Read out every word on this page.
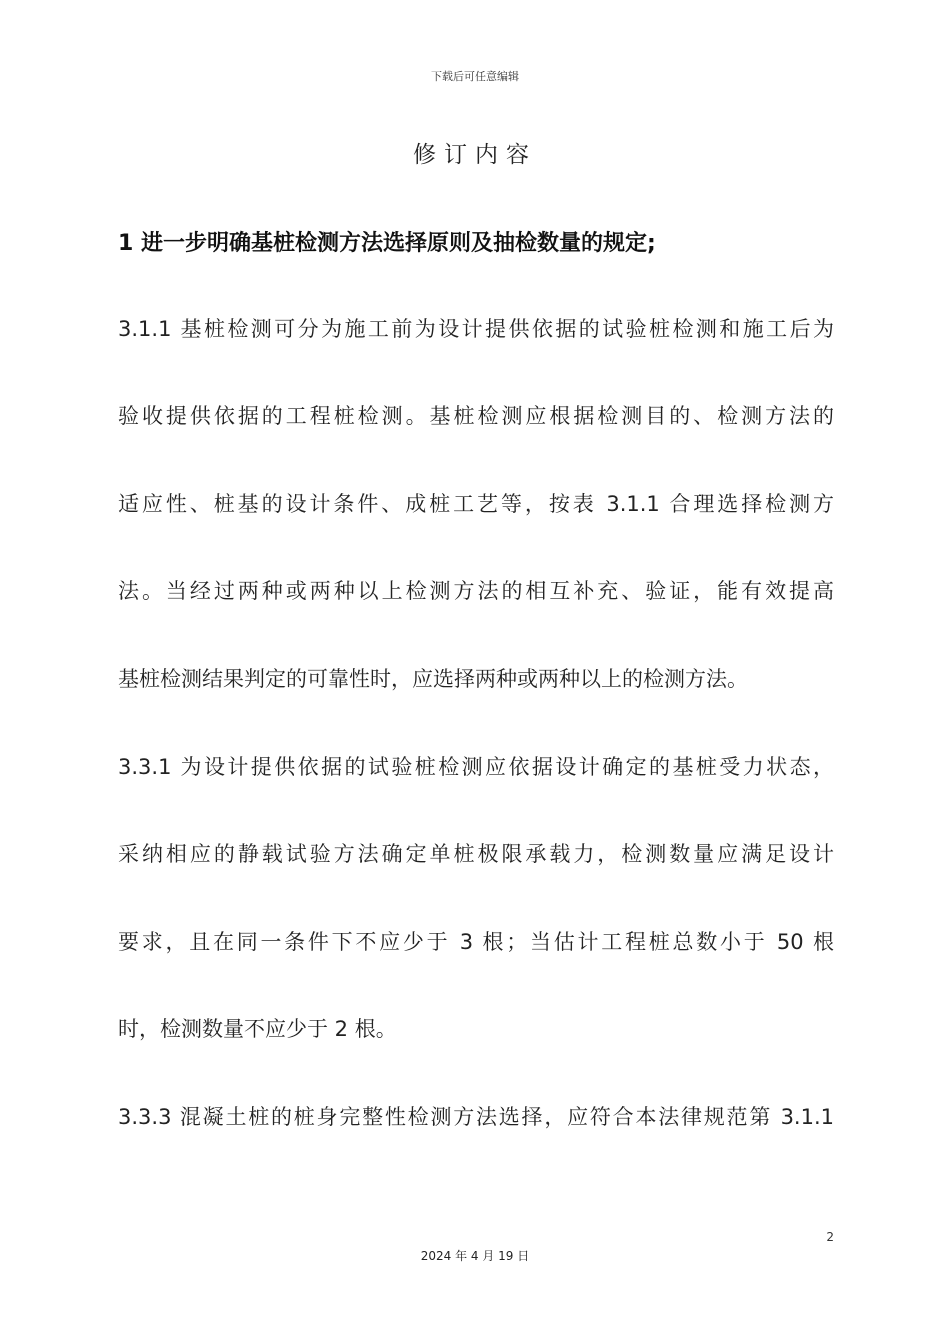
下载后可任意编辑
修订内容
1 进一步明确基桩检测方法选择原则及抽检数量的规定;
3.1.1 基桩检测可分为施工前为设计提供依据的试验桩检测和施工后为
验收提供依据的工程桩检测。基桩检测应根据检测目的、检测方法的
适应性、桩基的设计条件、成桩工艺等，按表 3.1.1 合理选择检测方
法。当经过两种或两种以上检测方法的相互补充、验证，能有效提高
基桩检测结果判定的可靠性时，应选择两种或两种以上的检测方法。
3.3.1 为设计提供依据的试验桩检测应依据设计确定的基桩受力状态，
采纳相应的静载试验方法确定单桩极限承载力，检测数量应满足设计
要求，且在同一条件下不应少于 3 根；当估计工程桩总数小于 50 根
时，检测数量不应少于 2 根。
3.3.3 混凝土桩的桩身完整性检测方法选择，应符合本法律规范第 3.1.1
2
2024 年 4 月 19 日
